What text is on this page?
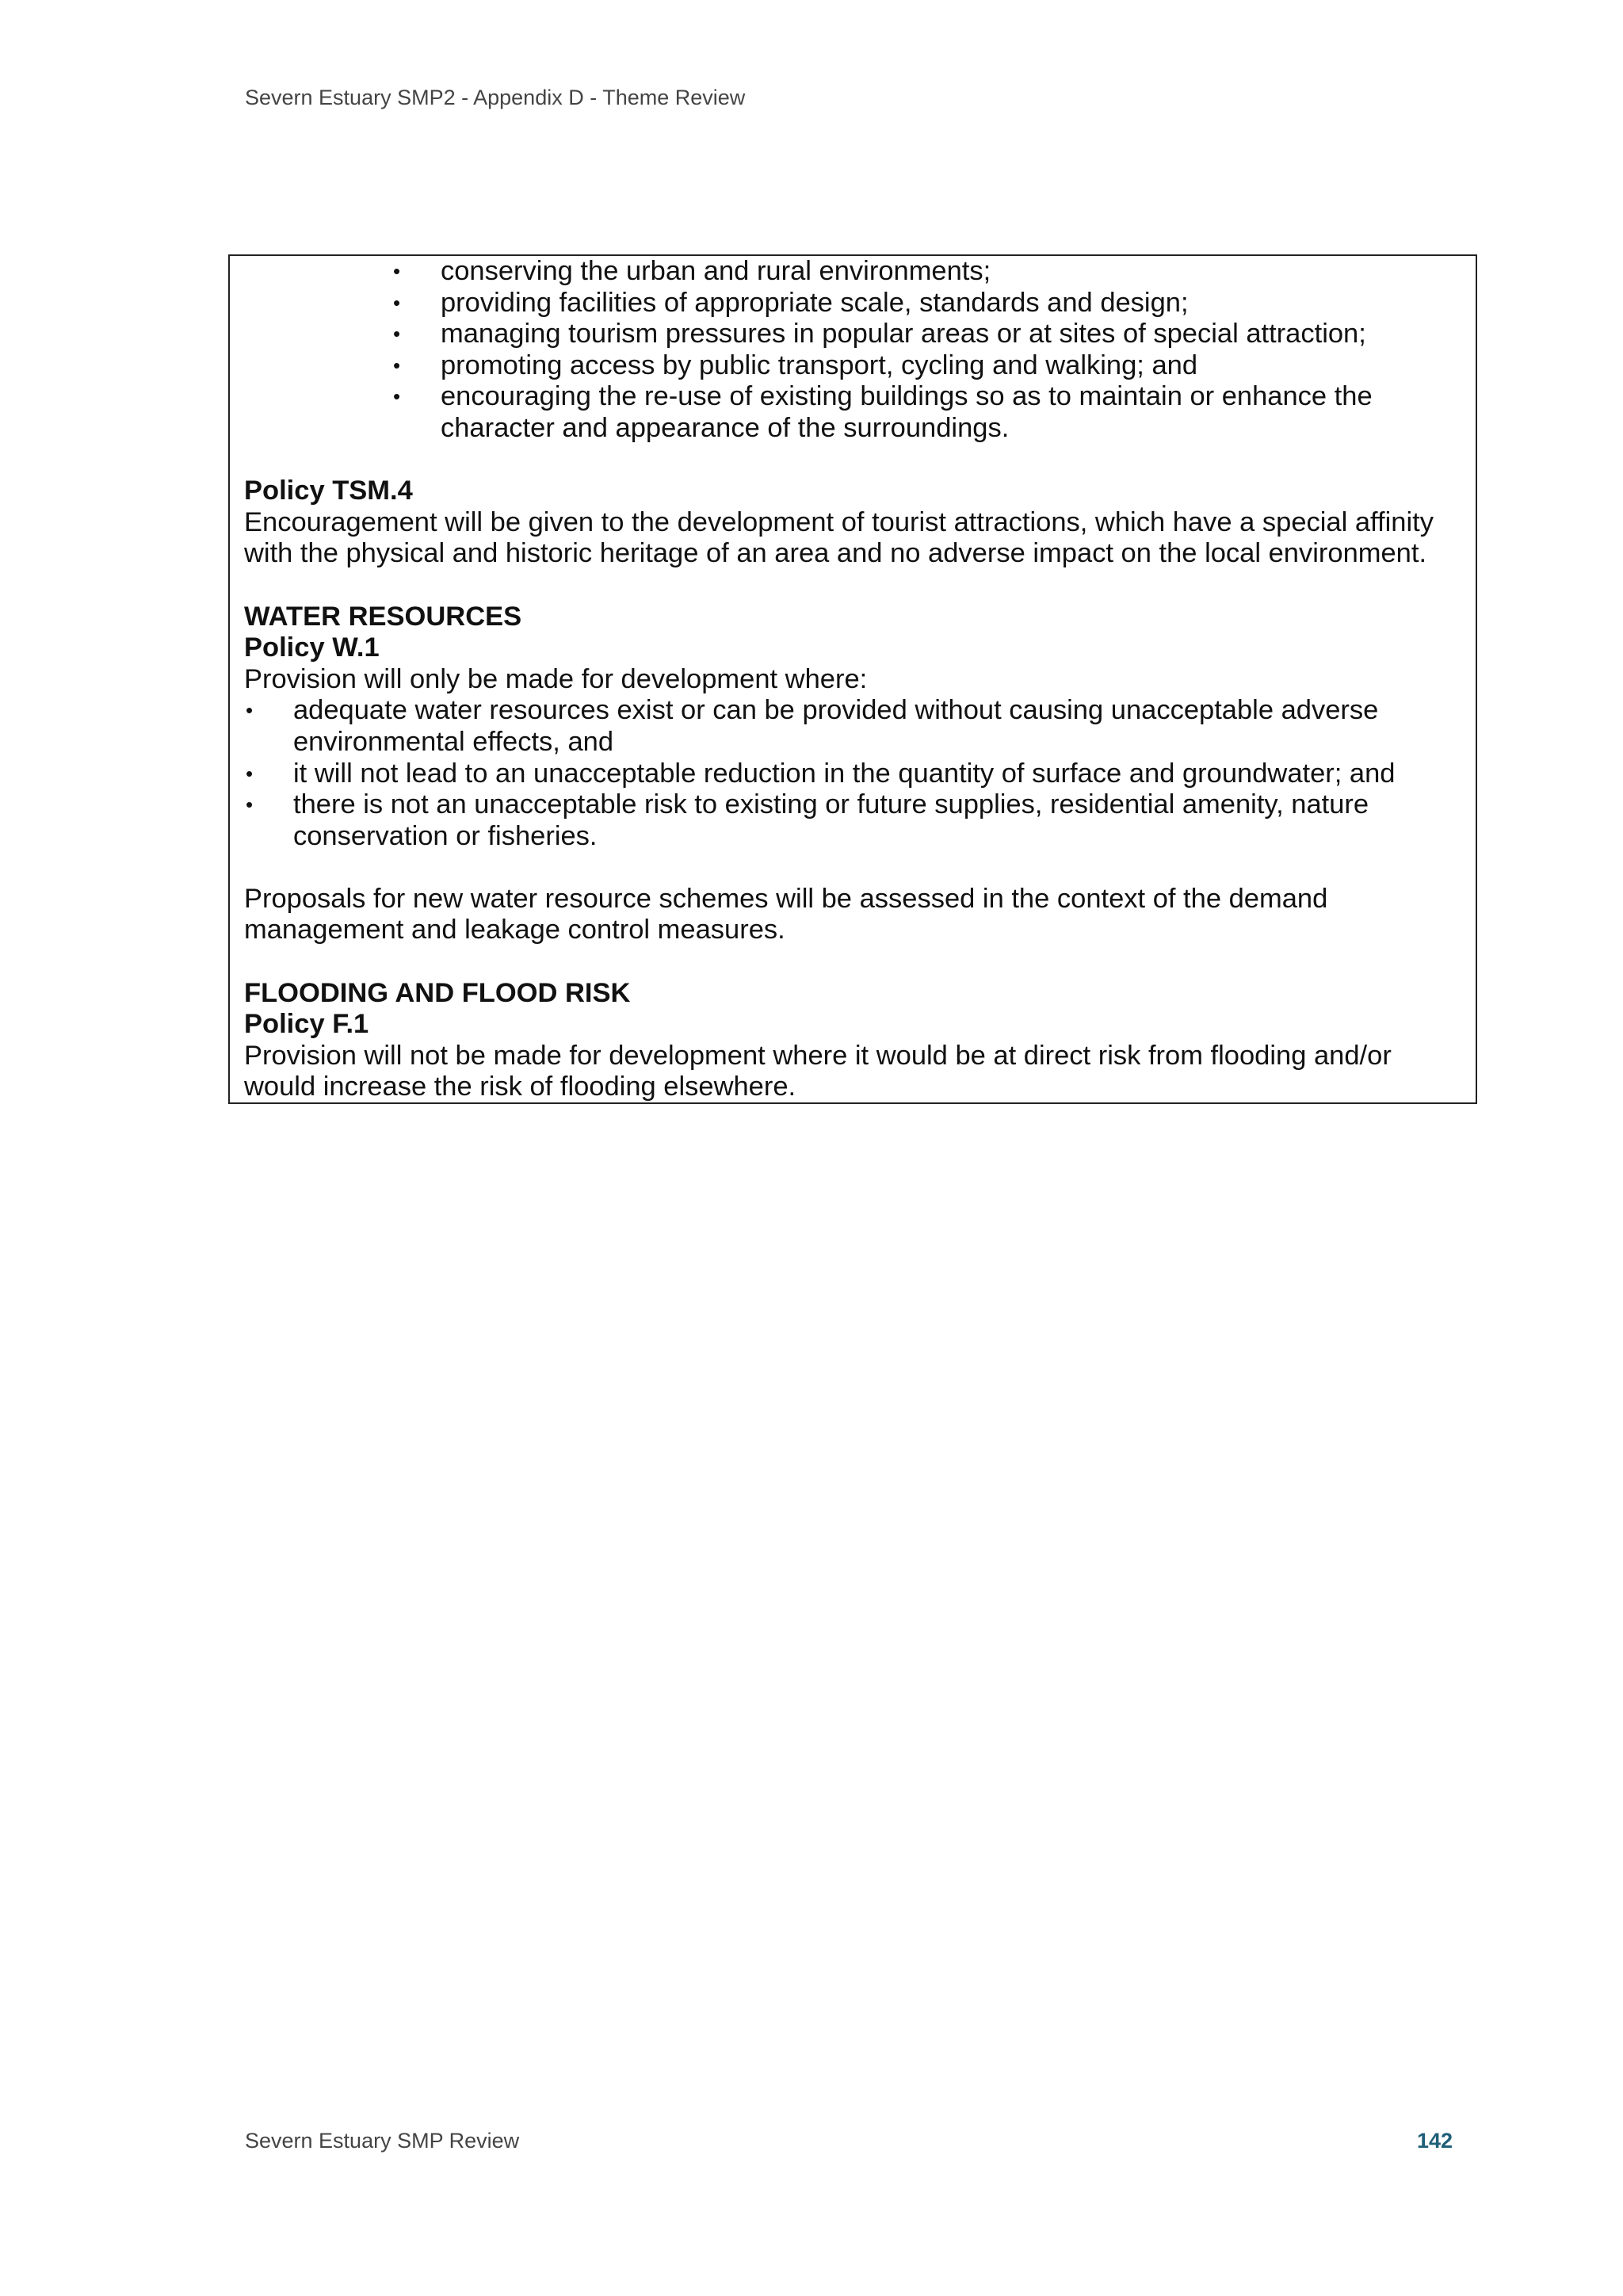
Severn Estuary SMP2 - Appendix D - Theme Review
• conserving the urban and rural environments;
• providing facilities of appropriate scale, standards and design;
• managing tourism pressures in popular areas or at sites of special attraction;
• promoting access by public transport, cycling and walking; and
• encouraging the re-use of existing buildings so as to maintain or enhance the character and appearance of the surroundings.

Policy TSM.4

Encouragement will be given to the development of tourist attractions, which have a special affinity with the physical and historic heritage of an area and no adverse impact on the local environment.

WATER RESOURCES

Policy W.1

Provision will only be made for development where:

• adequate water resources exist or can be provided without causing unacceptable adverse environmental effects, and
• it will not lead to an unacceptable reduction in the quantity of surface and groundwater; and
• there is not an unacceptable risk to existing or future supplies, residential amenity, nature conservation or fisheries.

Proposals for new water resource schemes will be assessed in the context of the demand management and leakage control measures.

FLOODING AND FLOOD RISK

Policy F.1

Provision will not be made for development where it would be at direct risk from flooding and/or would increase the risk of flooding elsewhere.

Severn Estuary SMP Review	142
